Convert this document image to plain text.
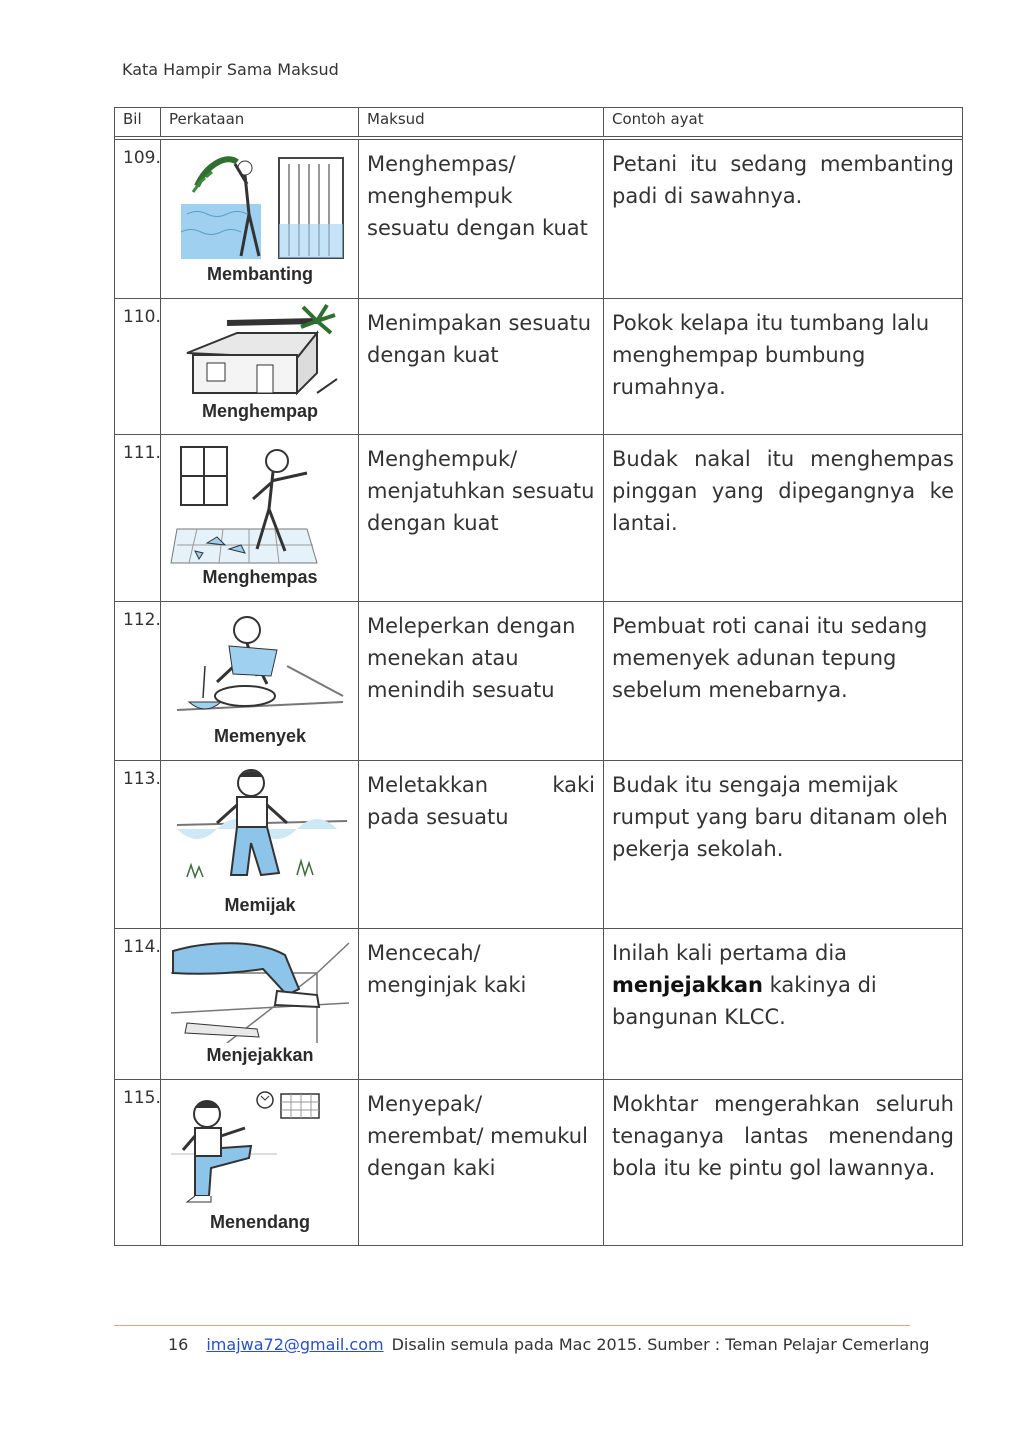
Kata Hampir Sama Maksud
Bil	Perkataan	Maksud	Contoh ayat

109.	Membanting	Menghempas/ menghempuk sesuatu dengan kuat	Petani itu sedang membanting padi di sawahnya.
110.	Menghempap	Menimpakan sesuatu dengan kuat	Pokok kelapa itu tumbang lalu menghempap bumbung rumahnya.
111.	Menghempas	Menghempuk/ menjatuhkan sesuatu dengan kuat	Budak nakal itu menghempas pinggan yang dipegangnya ke lantai.
112.	Memenyek	Meleperkan dengan menekan atau menindih sesuatu	Pembuat roti canai itu sedang memenyek adunan tepung sebelum menebarnya.
113.	Memijak	Meletakkan kaki pada sesuatu	Budak itu sengaja memijak rumput yang baru ditanam oleh pekerja sekolah.
114.	Menjejakkan	Mencecah/ menginjak kaki	Inilah kali pertama dia menjejakkan kakinya di bangunan KLCC.
115.	Menendang	Menyepak/ merembat/ memukul dengan kaki	Mokhtar mengerahkan seluruh tenaganya lantas menendang bola itu ke pintu gol lawannya.
16 imajwa72@gmail.com Disalin semula pada Mac 2015. Sumber : Teman Pelajar Cemerlang
